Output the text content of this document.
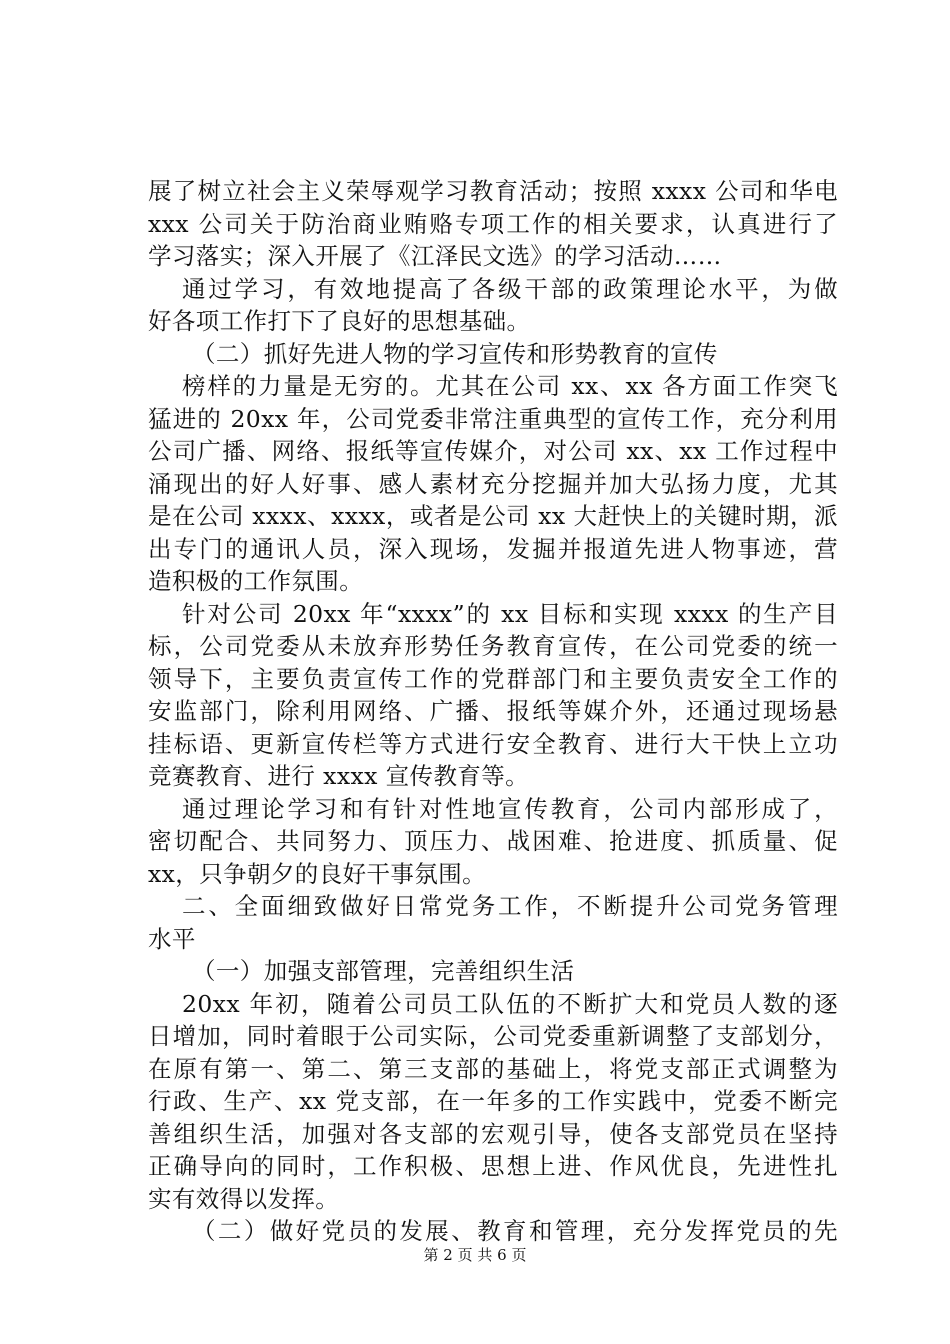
展了树立社会主义荣辱观学习教育活动；按照 xxxx 公司和华电
xxx 公司关于防治商业贿赂专项工作的相关要求，认真进行了
学习落实；深入开展了《江泽民文选》的学习活动……
通过学习，有效地提高了各级干部的政策理论水平，为做
好各项工作打下了良好的思想基础。
（二）抓好先进人物的学习宣传和形势教育的宣传
榜样的力量是无穷的。尤其在公司 xx、xx 各方面工作突飞
猛进的 20xx 年，公司党委非常注重典型的宣传工作，充分利用
公司广播、网络、报纸等宣传媒介，对公司 xx、xx 工作过程中
涌现出的好人好事、感人素材充分挖掘并加大弘扬力度，尤其
是在公司 xxxx、xxxx，或者是公司 xx 大赶快上的关键时期，派
出专门的通讯人员，深入现场，发掘并报道先进人物事迹，营
造积极的工作氛围。
针对公司 20xx 年“xxxx”的 xx 目标和实现 xxxx 的生产目
标，公司党委从未放弃形势任务教育宣传，在公司党委的统一
领导下，主要负责宣传工作的党群部门和主要负责安全工作的
安监部门，除利用网络、广播、报纸等媒介外，还通过现场悬
挂标语、更新宣传栏等方式进行安全教育、进行大干快上立功
竞赛教育、进行 xxxx 宣传教育等。
通过理论学习和有针对性地宣传教育，公司内部形成了，
密切配合、共同努力、顶压力、战困难、抢进度、抓质量、促
xx，只争朝夕的良好干事氛围。
二、全面细致做好日常党务工作，不断提升公司党务管理
水平
（一）加强支部管理，完善组织生活
20xx 年初，随着公司员工队伍的不断扩大和党员人数的逐
日增加，同时着眼于公司实际，公司党委重新调整了支部划分，
在原有第一、第二、第三支部的基础上，将党支部正式调整为
行政、生产、xx 党支部，在一年多的工作实践中，党委不断完
善组织生活，加强对各支部的宏观引导，使各支部党员在坚持
正确导向的同时，工作积极、思想上进、作风优良，先进性扎
实有效得以发挥。
（二）做好党员的发展、教育和管理，充分发挥党员的先
第 2 页 共 6 页
